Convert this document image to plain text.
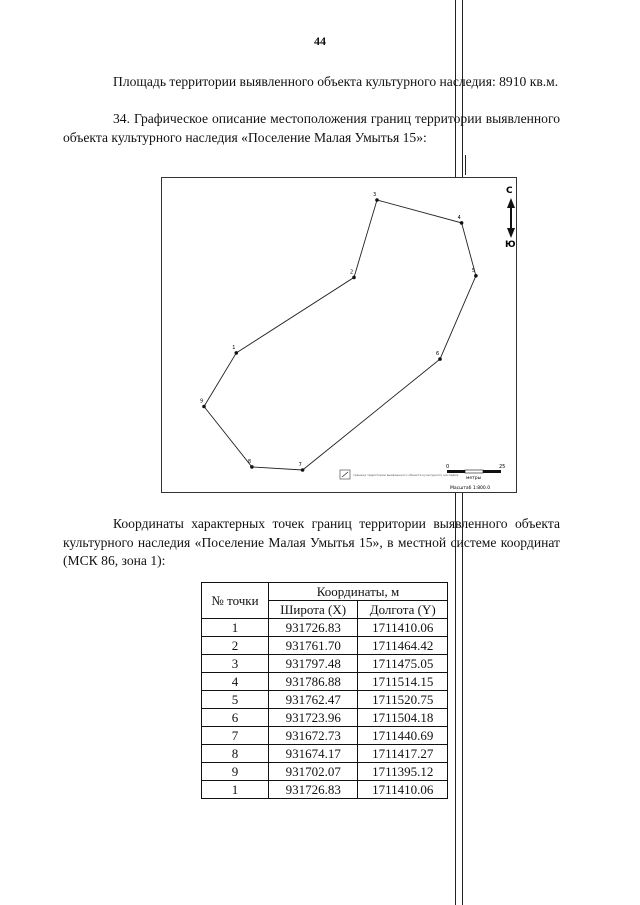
44

Площадь территории выявленного объекта культурного наследия: 8910 кв.м.

34. Графическое описание местоположения границ территории выявленного объекта культурного наследия «Поселение Малая Умытья 15»:

1
2
3
4
5
6
7
8
9
С
Ю
граница территории выявленного объекта культурного наследия
0	25
метры
Масштаб 1:800.0

Координаты характерных точек границ территории выявленного объекта культурного наследия «Поселение Малая Умытья 15», в местной системе координат (МСК 86, зона 1):

№ точки	Координаты, м	
	Широта (X)	Долгота (Y)
1	931726.83	1711410.06
2	931761.70	1711464.42
3	931797.48	1711475.05
4	931786.88	1711514.15
5	931762.47	1711520.75
6	931723.96	1711504.18
7	931672.73	1711440.69
8	931674.17	1711417.27
9	931702.07	1711395.12
1	931726.83	1711410.06
